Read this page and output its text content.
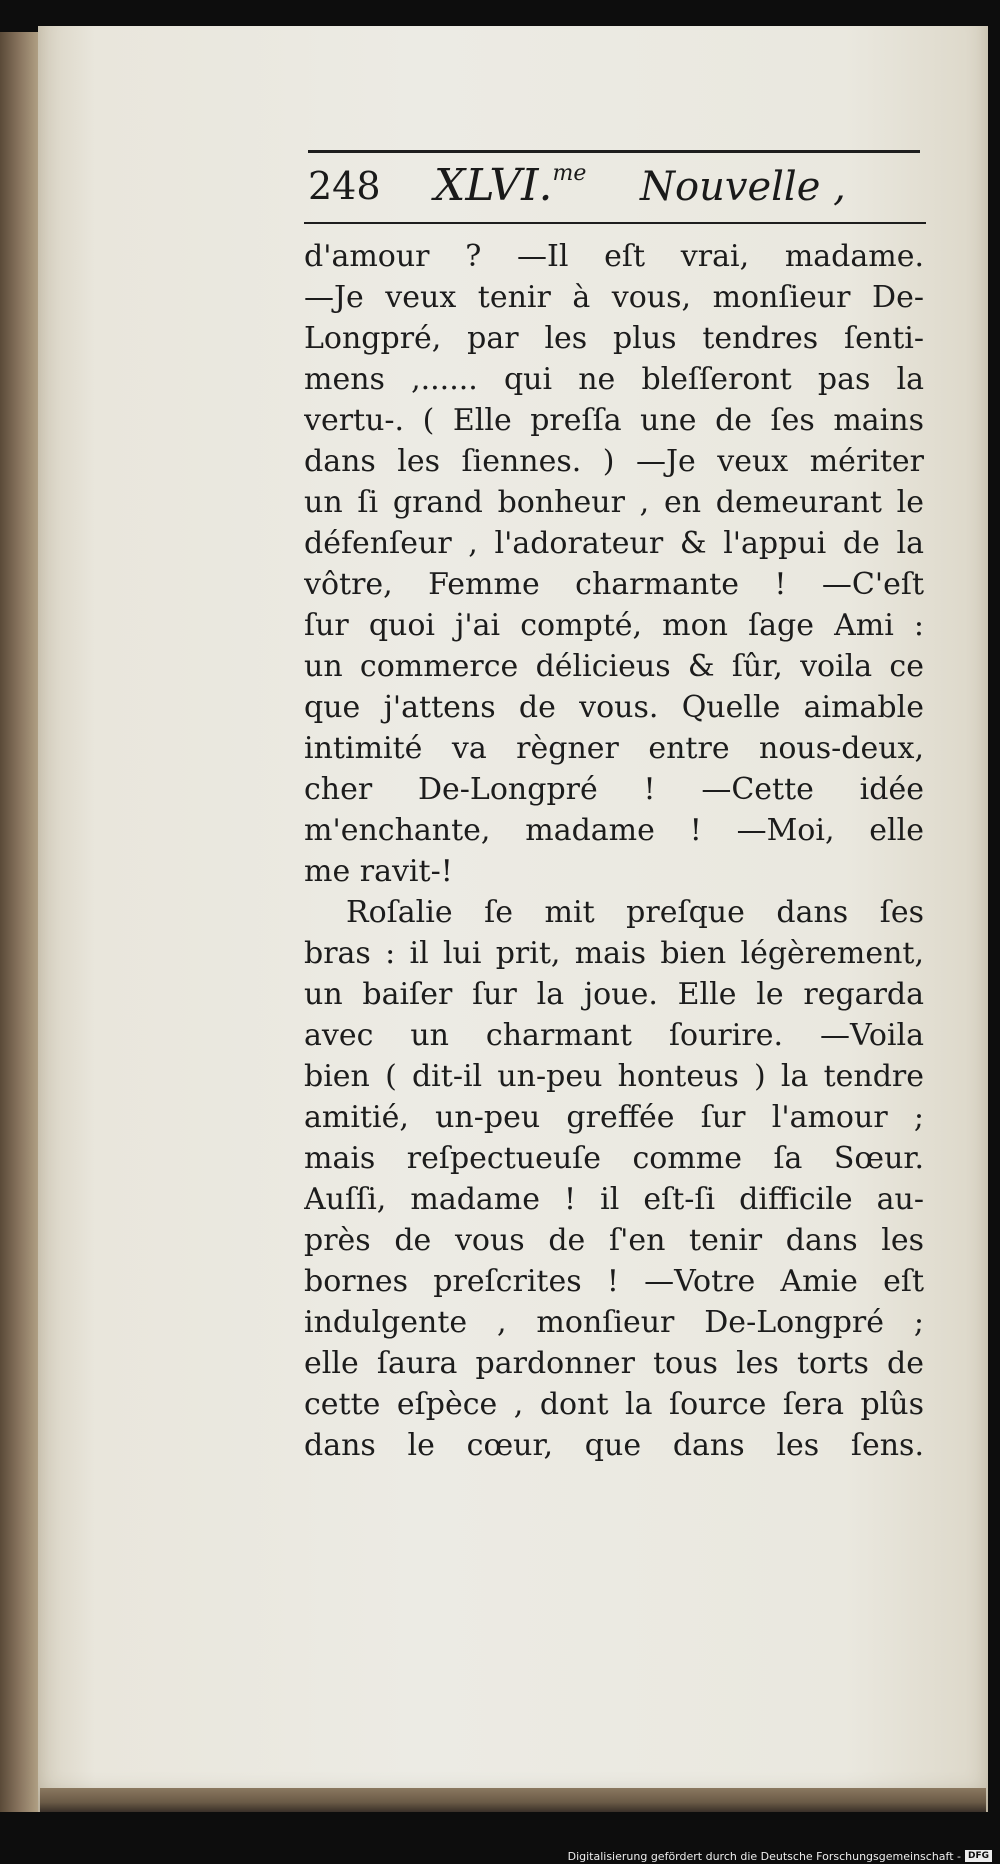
248 XLVI.$^{me}$ Nouvelle ,
d'amour ? —Il eſt vrai, madame.
—Je veux tenir à vous, monſieur De-
Longpré, par les plus tendres ſenti-
mens ,...... qui ne bleſſeront pas la
vertu-. ( Elle preſſa une de ſes mains
dans les ſiennes. ) —Je veux mériter
un ſi grand bonheur , en demeurant le
défenſeur , l'adorateur & l'appui de la
vôtre, Femme charmante ! —C'eſt
ſur quoi j'ai compté, mon ſage Ami :
un commerce délicieus & ſûr, voila ce
que j'attens de vous. Quelle aimable
intimité va règner entre nous-deux,
cher De-Longpré ! —Cette idée
m'enchante, madame ! —Moi, elle
me ravit-!
Roſalie ſe mit preſque dans ſes
bras : il lui prit, mais bien légèrement,
un baiſer ſur la joue. Elle le regarda
avec un charmant ſourire. —Voila
bien ( dit-il un-peu honteus ) la tendre
amitié, un-peu greffée ſur l'amour ;
mais reſpectueuſe comme ſa Sœur.
Auſſi, madame ! il eſt-ſi difficile au-
près de vous de ſ'en tenir dans les
bornes preſcrites ! —Votre Amie eſt
indulgente , monſieur De-Longpré ;
elle ſaura pardonner tous les torts de
cette eſpèce , dont la ſource ſera plûs
dans le cœur, que dans les ſens.
Digitalisierung gefördert durch die Deutsche Forschungsgemeinschaft - DFG
